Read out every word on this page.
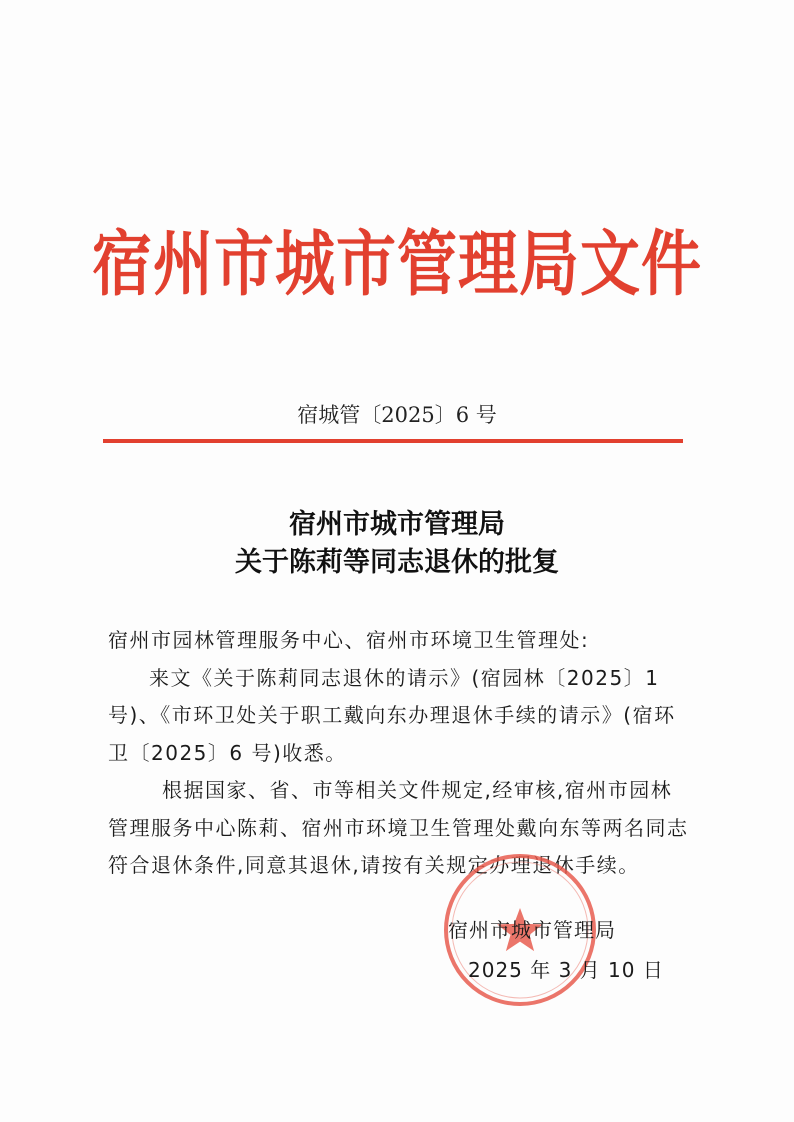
宿州市城市管理局文件
宿城管〔2025〕6 号
宿州市城市管理局
关于陈莉等同志退休的批复

宿州市园林管理服务中心、宿州市环境卫生管理处:

来文《关于陈莉同志退休的请示》(宿园林〔2025〕1 号)、《市环卫处关于职工戴向东办理退休手续的请示》(宿环卫〔2025〕6 号)收悉。

根据国家、省、市等相关文件规定,经审核,宿州市园林管理服务中心陈莉、宿州市环境卫生管理处戴向东等两名同志符合退休条件,同意其退休,请按有关规定办理退休手续。

宿州市城市管理局
2025 年 3 月 10 日
